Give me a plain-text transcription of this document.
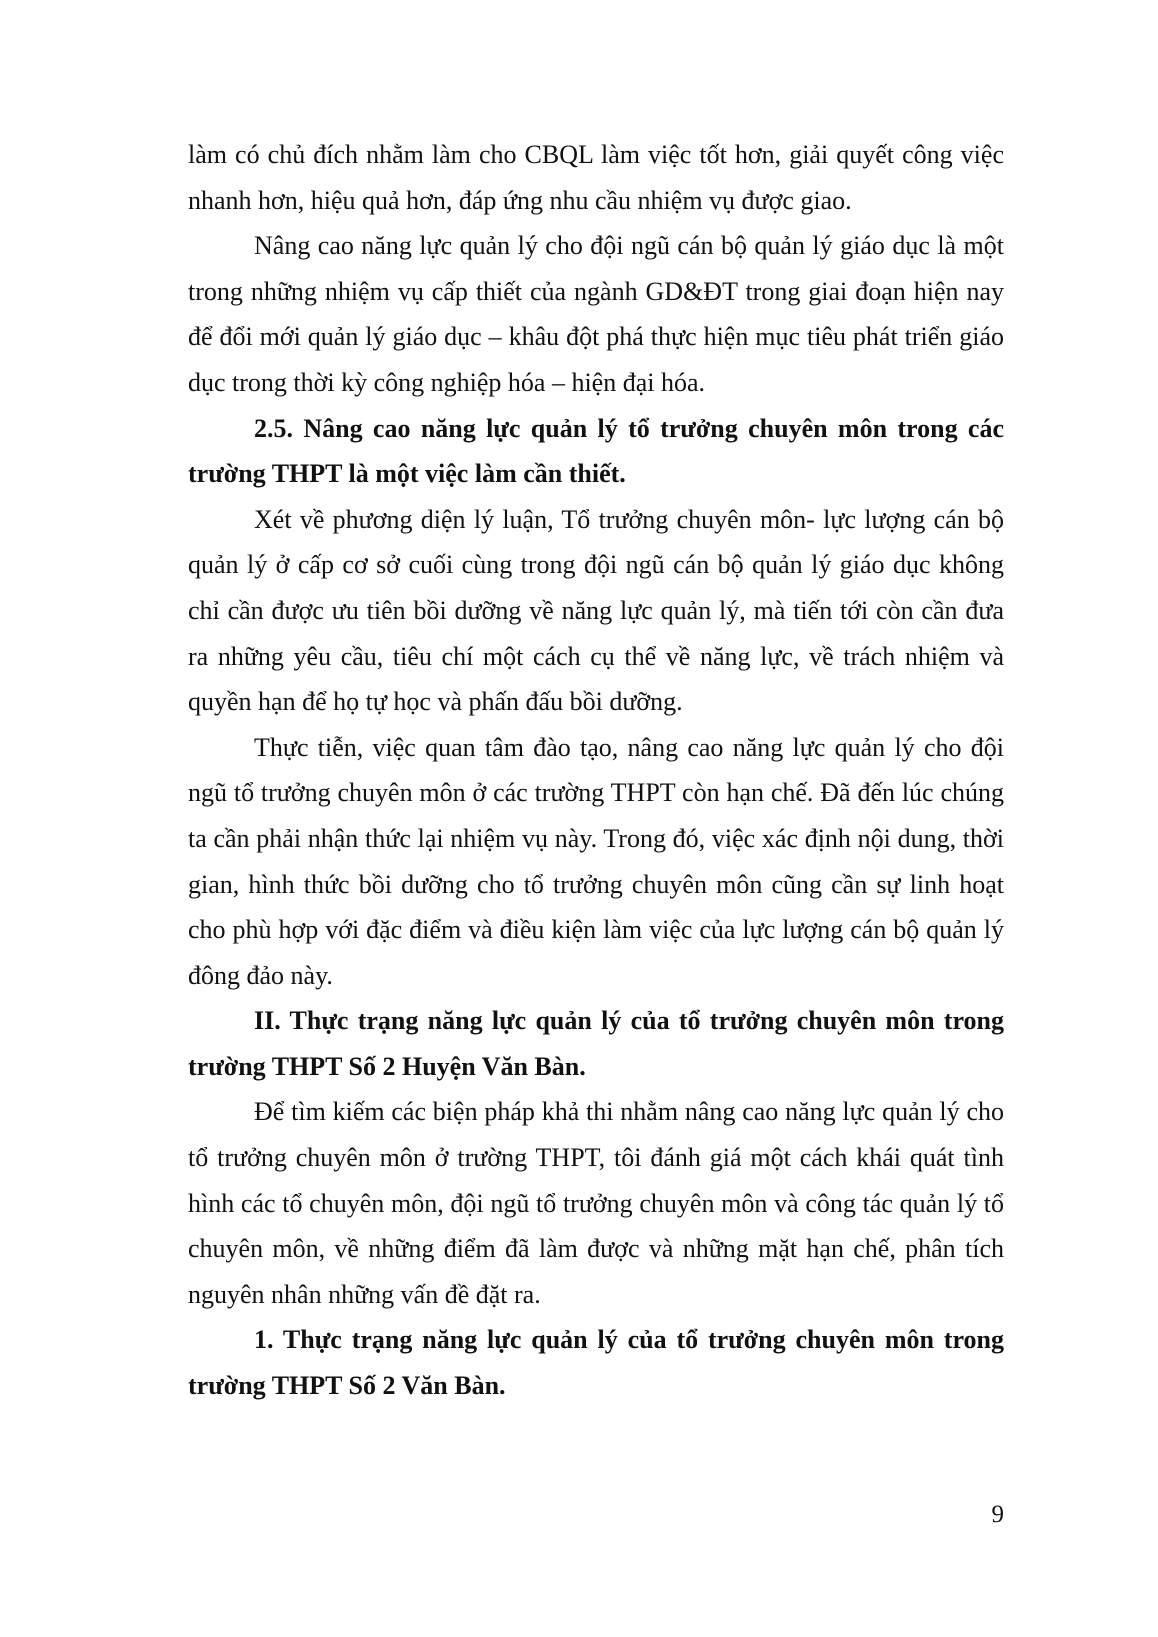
làm có chủ đích nhằm làm cho CBQL làm việc tốt hơn, giải quyết công việc nhanh hơn, hiệu quả hơn, đáp ứng nhu cầu nhiệm vụ được giao.

Nâng cao năng lực quản lý cho đội ngũ cán bộ quản lý giáo dục là một trong những nhiệm vụ cấp thiết của ngành GD&ĐT trong giai đoạn hiện nay để đổi mới quản lý giáo dục – khâu đột phá thực hiện mục tiêu phát triển giáo dục trong thời kỳ công nghiệp hóa – hiện đại hóa.

2.5. Nâng cao năng lực quản lý tổ trưởng chuyên môn trong các trường THPT là một việc làm cần thiết.

Xét về phương diện lý luận, Tổ trưởng chuyên môn- lực lượng cán bộ quản lý ở cấp cơ sở cuối cùng trong đội ngũ cán bộ quản lý giáo dục không chỉ cần được ưu tiên bồi dưỡng về năng lực quản lý, mà tiến tới còn cần đưa ra những yêu cầu, tiêu chí một cách cụ thể về năng lực, về trách nhiệm và quyền hạn để họ tự học và phấn đấu bồi dưỡng.

Thực tiễn, việc quan tâm đào tạo, nâng cao năng lực quản lý cho đội ngũ tổ trưởng chuyên môn ở các trường THPT còn hạn chế. Đã đến lúc chúng ta cần phải nhận thức lại nhiệm vụ này. Trong đó, việc xác định nội dung, thời gian, hình thức bồi dưỡng cho tổ trưởng chuyên môn cũng cần sự linh hoạt cho phù hợp với đặc điểm và điều kiện làm việc của lực lượng cán bộ quản lý đông đảo này.

II. Thực trạng năng lực quản lý của tổ trưởng chuyên môn trong trường THPT Số 2 Huyện Văn Bàn.

Để tìm kiếm các biện pháp khả thi nhằm nâng cao năng lực quản lý cho tổ trưởng chuyên môn ở trường THPT, tôi đánh giá một cách khái quát tình hình các tổ chuyên môn, đội ngũ tổ trưởng chuyên môn và công tác quản lý tổ chuyên môn, về những điểm đã làm được và những mặt hạn chế, phân tích nguyên nhân những vấn đề đặt ra.

1. Thực trạng năng lực quản lý của tổ trưởng chuyên môn trong trường THPT Số 2 Văn Bàn.

9
